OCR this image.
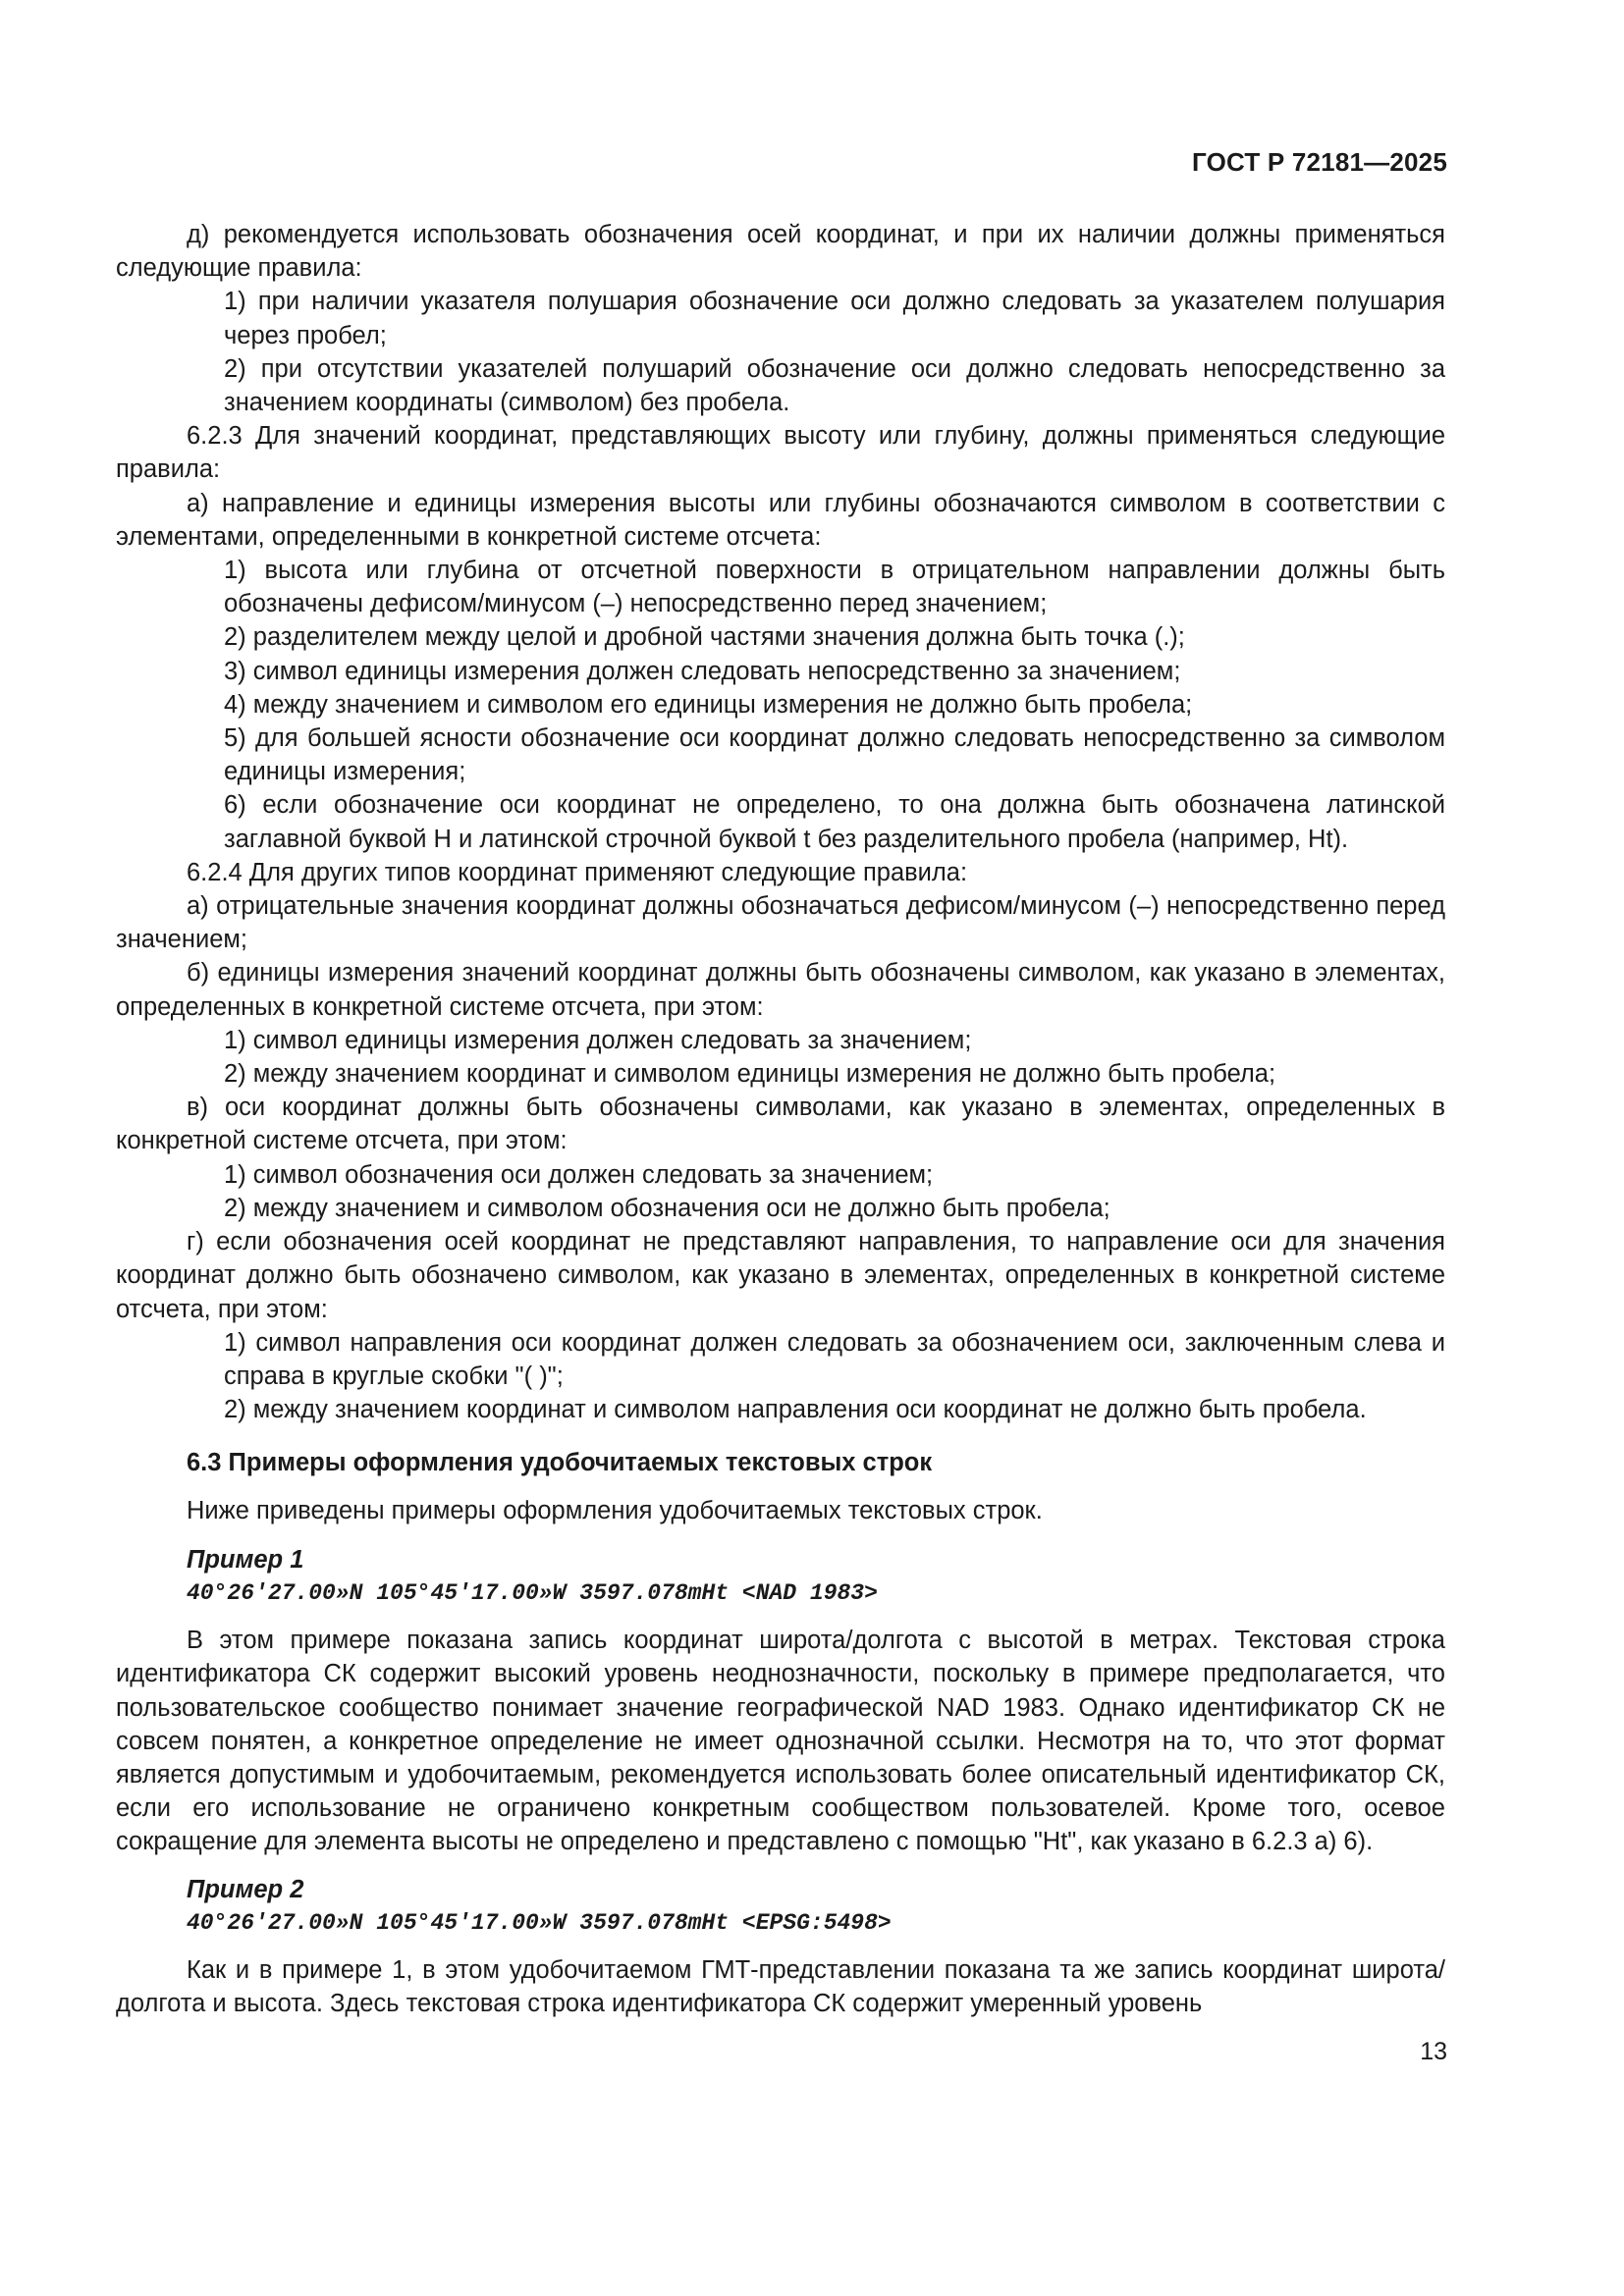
ГОСТ Р 72181—2025
д) рекомендуется использовать обозначения осей координат, и при их наличии должны применяться следующие правила:
1) при наличии указателя полушария обозначение оси должно следовать за указателем полушария через пробел;
2) при отсутствии указателей полушарий обозначение оси должно следовать непосредственно за значением координаты (символом) без пробела.
6.2.3 Для значений координат, представляющих высоту или глубину, должны применяться следующие правила:
а) направление и единицы измерения высоты или глубины обозначаются символом в соответствии с элементами, определенными в конкретной системе отсчета:
1) высота или глубина от отсчетной поверхности в отрицательном направлении должны быть обозначены дефисом/минусом (–) непосредственно перед значением;
2) разделителем между целой и дробной частями значения должна быть точка (.);
3) символ единицы измерения должен следовать непосредственно за значением;
4) между значением и символом его единицы измерения не должно быть пробела;
5) для большей ясности обозначение оси координат должно следовать непосредственно за символом единицы измерения;
6) если обозначение оси координат не определено, то она должна быть обозначена латинской заглавной буквой H и латинской строчной буквой t без разделительного пробела (например, Ht).
6.2.4 Для других типов координат применяют следующие правила:
а) отрицательные значения координат должны обозначаться дефисом/минусом (–) непосредственно перед значением;
б) единицы измерения значений координат должны быть обозначены символом, как указано в элементах, определенных в конкретной системе отсчета, при этом:
1) символ единицы измерения должен следовать за значением;
2) между значением координат и символом единицы измерения не должно быть пробела;
в) оси координат должны быть обозначены символами, как указано в элементах, определенных в конкретной системе отсчета, при этом:
1) символ обозначения оси должен следовать за значением;
2) между значением и символом обозначения оси не должно быть пробела;
г) если обозначения осей координат не представляют направления, то направление оси для значения координат должно быть обозначено символом, как указано в элементах, определенных в конкретной системе отсчета, при этом:
1) символ направления оси координат должен следовать за обозначением оси, заключенным слева и справа в круглые скобки "( )";
2) между значением координат и символом направления оси координат не должно быть пробела.
6.3 Примеры оформления удобочитаемых текстовых строк
Ниже приведены примеры оформления удобочитаемых текстовых строк.
Пример 1
40°26′27.00»N 105°45′17.00»W 3597.078mHt <NAD 1983>
В этом примере показана запись координат широта/долгота с высотой в метрах. Текстовая строка идентификатора СК содержит высокий уровень неоднозначности, поскольку в примере предполагается, что пользовательское сообщество понимает значение географической NAD 1983. Однако идентификатор СК не совсем понятен, а конкретное определение не имеет однозначной ссылки. Несмотря на то, что этот формат является допустимым и удобочитаемым, рекомендуется использовать более описательный идентификатор СК, если его использование не ограничено конкретным сообществом пользователей. Кроме того, осевое сокращение для элемента высоты не определено и представлено с помощью "Ht", как указано в 6.2.3 а) 6).
Пример 2
40°26′27.00»N 105°45′17.00»W 3597.078mHt <EPSG:5498>
Как и в примере 1, в этом удобочитаемом ГМТ-представлении показана та же запись координат широта/долгота и высота. Здесь текстовая строка идентификатора СК содержит умеренный уровень
13
